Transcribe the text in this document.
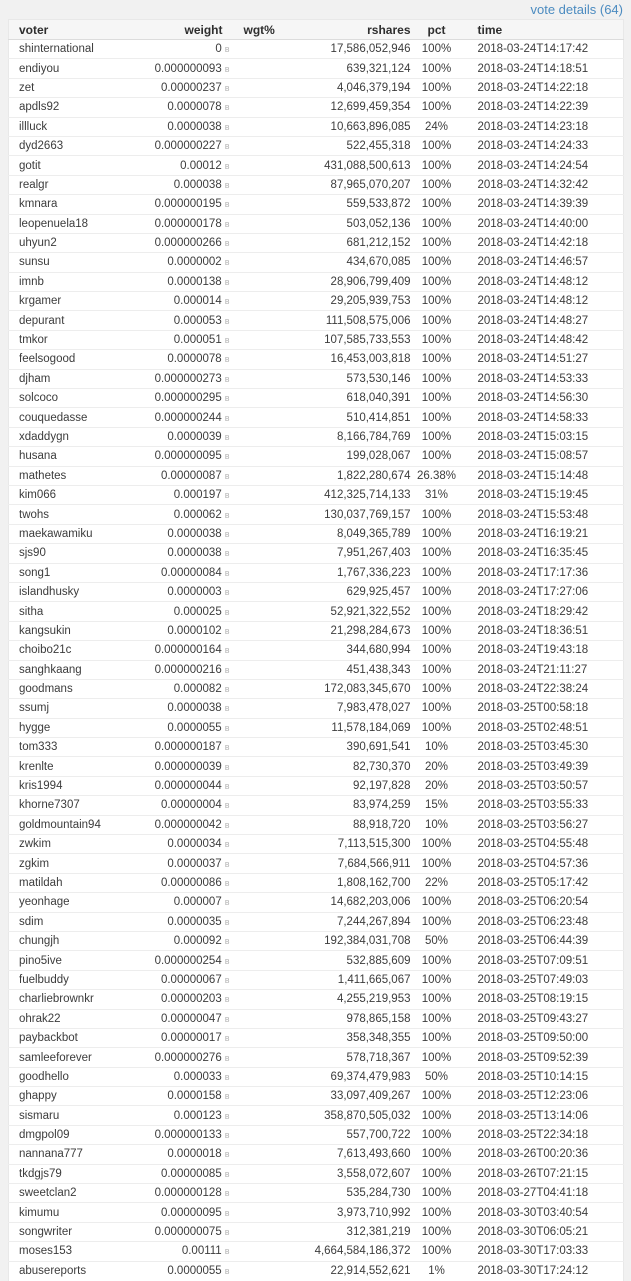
vote details (64)
voter	weight	wgt%	rshares	pct	time
shinternational	0 ʙ		17,586,052,946	100%	2018-03-24T14:17:42
endiyou	0.000000093 ʙ		639,321,124	100%	2018-03-24T14:18:51
zet	0.00000237 ʙ		4,046,379,194	100%	2018-03-24T14:22:18
apdls92	0.0000078 ʙ		12,699,459,354	100%	2018-03-24T14:22:39
illluck	0.0000038 ʙ		10,663,896,085	24%	2018-03-24T14:23:18
dyd2663	0.000000227 ʙ		522,455,318	100%	2018-03-24T14:24:33
gotit	0.00012 ʙ		431,088,500,613	100%	2018-03-24T14:24:54
realgr	0.000038 ʙ		87,965,070,207	100%	2018-03-24T14:32:42
kmnara	0.000000195 ʙ		559,533,872	100%	2018-03-24T14:39:39
leopenuela18	0.000000178 ʙ		503,052,136	100%	2018-03-24T14:40:00
uhyun2	0.000000266 ʙ		681,212,152	100%	2018-03-24T14:42:18
sunsu	0.0000002 ʙ		434,670,085	100%	2018-03-24T14:46:57
imnb	0.0000138 ʙ		28,906,799,409	100%	2018-03-24T14:48:12
krgamer	0.000014 ʙ		29,205,939,753	100%	2018-03-24T14:48:12
depurant	0.000053 ʙ		111,508,575,006	100%	2018-03-24T14:48:27
tmkor	0.000051 ʙ		107,585,733,553	100%	2018-03-24T14:48:42
feelsogood	0.0000078 ʙ		16,453,003,818	100%	2018-03-24T14:51:27
djham	0.000000273 ʙ		573,530,146	100%	2018-03-24T14:53:33
solcoco	0.000000295 ʙ		618,040,391	100%	2018-03-24T14:56:30
couquedasse	0.000000244 ʙ		510,414,851	100%	2018-03-24T14:58:33
xdaddygn	0.0000039 ʙ		8,166,784,769	100%	2018-03-24T15:03:15
husana	0.000000095 ʙ		199,028,067	100%	2018-03-24T15:08:57
mathetes	0.00000087 ʙ		1,822,280,674	26.38%	2018-03-24T15:14:48
kim066	0.000197 ʙ		412,325,714,133	31%	2018-03-24T15:19:45
twohs	0.000062 ʙ		130,037,769,157	100%	2018-03-24T15:53:48
maekawamiku	0.0000038 ʙ		8,049,365,789	100%	2018-03-24T16:19:21
sjs90	0.0000038 ʙ		7,951,267,403	100%	2018-03-24T16:35:45
song1	0.00000084 ʙ		1,767,336,223	100%	2018-03-24T17:17:36
islandhusky	0.0000003 ʙ		629,925,457	100%	2018-03-24T17:27:06
sitha	0.000025 ʙ		52,921,322,552	100%	2018-03-24T18:29:42
kangsukin	0.0000102 ʙ		21,298,284,673	100%	2018-03-24T18:36:51
choibo21c	0.000000164 ʙ		344,680,994	100%	2018-03-24T19:43:18
sanghkaang	0.000000216 ʙ		451,438,343	100%	2018-03-24T21:11:27
goodmans	0.000082 ʙ		172,083,345,670	100%	2018-03-24T22:38:24
ssumj	0.0000038 ʙ		7,983,478,027	100%	2018-03-25T00:58:18
hygge	0.0000055 ʙ		11,578,184,069	100%	2018-03-25T02:48:51
tom333	0.000000187 ʙ		390,691,541	10%	2018-03-25T03:45:30
krenlte	0.000000039 ʙ		82,730,370	20%	2018-03-25T03:49:39
kris1994	0.000000044 ʙ		92,197,828	20%	2018-03-25T03:50:57
khorne7307	0.00000004 ʙ		83,974,259	15%	2018-03-25T03:55:33
goldmountain94	0.000000042 ʙ		88,918,720	10%	2018-03-25T03:56:27
zwkim	0.0000034 ʙ		7,113,515,300	100%	2018-03-25T04:55:48
zgkim	0.0000037 ʙ		7,684,566,911	100%	2018-03-25T04:57:36
matildah	0.00000086 ʙ		1,808,162,700	22%	2018-03-25T05:17:42
yeonhage	0.000007 ʙ		14,682,203,006	100%	2018-03-25T06:20:54
sdim	0.0000035 ʙ		7,244,267,894	100%	2018-03-25T06:23:48
chungjh	0.000092 ʙ		192,384,031,708	50%	2018-03-25T06:44:39
pino5ive	0.000000254 ʙ		532,885,609	100%	2018-03-25T07:09:51
fuelbuddy	0.00000067 ʙ		1,411,665,067	100%	2018-03-25T07:49:03
charliebrownkr	0.00000203 ʙ		4,255,219,953	100%	2018-03-25T08:19:15
ohrak22	0.00000047 ʙ		978,865,158	100%	2018-03-25T09:43:27
paybackbot	0.00000017 ʙ		358,348,355	100%	2018-03-25T09:50:00
samleeforever	0.000000276 ʙ		578,718,367	100%	2018-03-25T09:52:39
goodhello	0.000033 ʙ		69,374,479,983	50%	2018-03-25T10:14:15
ghappy	0.0000158 ʙ		33,097,409,267	100%	2018-03-25T12:23:06
sismaru	0.000123 ʙ		358,870,505,032	100%	2018-03-25T13:14:06
dmgpol09	0.000000133 ʙ		557,700,722	100%	2018-03-25T22:34:18
nannana777	0.0000018 ʙ		7,613,493,660	100%	2018-03-26T00:20:36
tkdgjs79	0.00000085 ʙ		3,558,072,607	100%	2018-03-26T07:21:15
sweetclan2	0.000000128 ʙ		535,284,730	100%	2018-03-27T04:41:18
kimumu	0.00000095 ʙ		3,973,710,992	100%	2018-03-30T03:40:54
songwriter	0.000000075 ʙ		312,381,219	100%	2018-03-30T06:05:21
moses153	0.00111 ʙ		4,664,584,186,372	100%	2018-03-30T17:03:33
abusereports	0.0000055 ʙ		22,914,552,621	1%	2018-03-30T17:24:12
